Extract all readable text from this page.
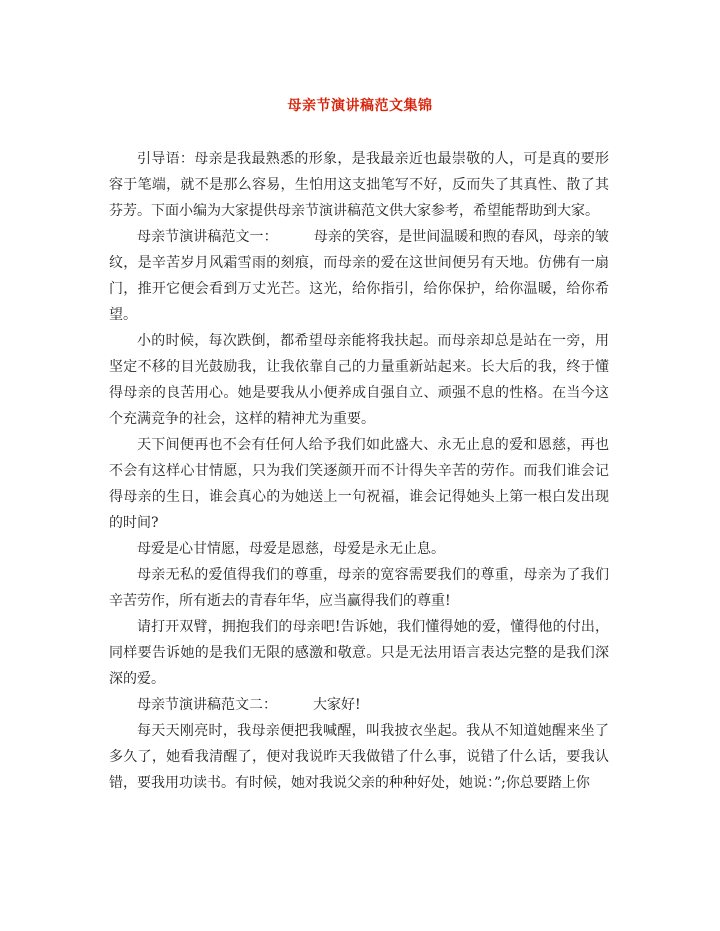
母亲节演讲稿范文集锦

引导语：母亲是我最熟悉的形象，是我最亲近也最崇敬的人，可是真的要形容于笔端，就不是那么容易，生怕用这支拙笔写不好，反而失了其真性、散了其芬芳。下面小编为大家提供母亲节演讲稿范文供大家参考，希望能帮助到大家。

母亲节演讲稿范文一：	母亲的笑容，是世间温暖和煦的春风，母亲的皱纹，是辛苦岁月风霜雪雨的刻痕，而母亲的爱在这世间便另有天地。仿佛有一扇门，推开它便会看到万丈光芒。这光，给你指引，给你保护，给你温暖，给你希望。

小的时候，每次跌倒，都希望母亲能将我扶起。而母亲却总是站在一旁，用坚定不移的目光鼓励我，让我依靠自己的力量重新站起来。长大后的我，终于懂得母亲的良苦用心。她是要我从小便养成自强自立、顽强不息的性格。在当今这个充满竞争的社会，这样的精神尤为重要。

天下间便再也不会有任何人给予我们如此盛大、永无止息的爱和恩慈，再也不会有这样心甘情愿，只为我们笑逐颜开而不计得失辛苦的劳作。而我们谁会记得母亲的生日，谁会真心的为她送上一句祝福，谁会记得她头上第一根白发出现的时间?

母爱是心甘情愿，母爱是恩慈，母爱是永无止息。

母亲无私的爱值得我们的尊重，母亲的宽容需要我们的尊重，母亲为了我们辛苦劳作，所有逝去的青春年华，应当赢得我们的尊重!

请打开双臂，拥抱我们的母亲吧!告诉她，我们懂得她的爱，懂得他的付出，同样要告诉她的是我们无限的感激和敬意。只是无法用语言表达完整的是我们深深的爱。

母亲节演讲稿范文二：	大家好!

每天天刚亮时，我母亲便把我喊醒，叫我披衣坐起。我从不知道她醒来坐了多久了，她看我清醒了，便对我说昨天我做错了什么事，说错了什么话，要我认错，要我用功读书。有时候，她对我说父亲的种种好处，她说：”;你总要踏上你
